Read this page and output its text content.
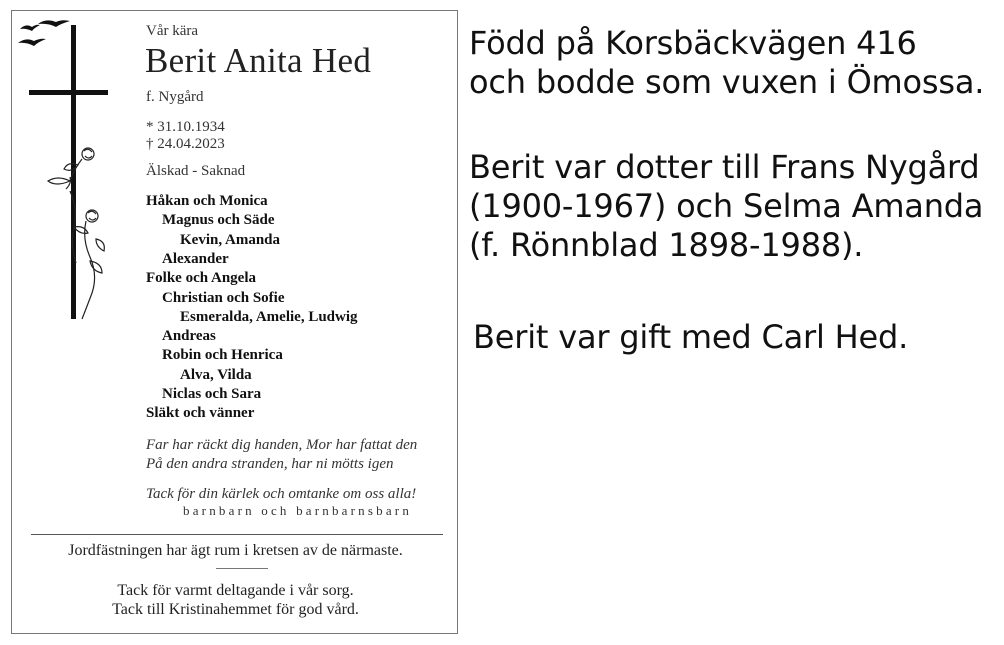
Vår kära
Berit Anita Hed
f. Nygård
* 31.10.1934
† 24.04.2023
Älskad - Saknad
Håkan och Monica
Magnus och Säde
Kevin, Amanda
Alexander
Folke och Angela
Christian och Sofie
Esmeralda, Amelie, Ludwig
Andreas
Robin och Henrica
Alva, Vilda
Niclas och Sara
Släkt och vänner
Far har räckt dig handen, Mor har fattat den
På den andra stranden, har ni mötts igen
Tack för din kärlek och omtanke om oss alla!
barnbarn och barnbarnsbarn
Jordfästningen har ägt rum i kretsen av de närmaste.
Tack för varmt deltagande i vår sorg.
Tack till Kristinahemmet för god vård.
Född på Korsbäckvägen 416
och bodde som vuxen i Ömossa.
Berit var dotter till Frans Nygård
(1900-1967) och Selma Amanda
(f. Rönnblad 1898-1988).
Berit var gift med Carl Hed.
